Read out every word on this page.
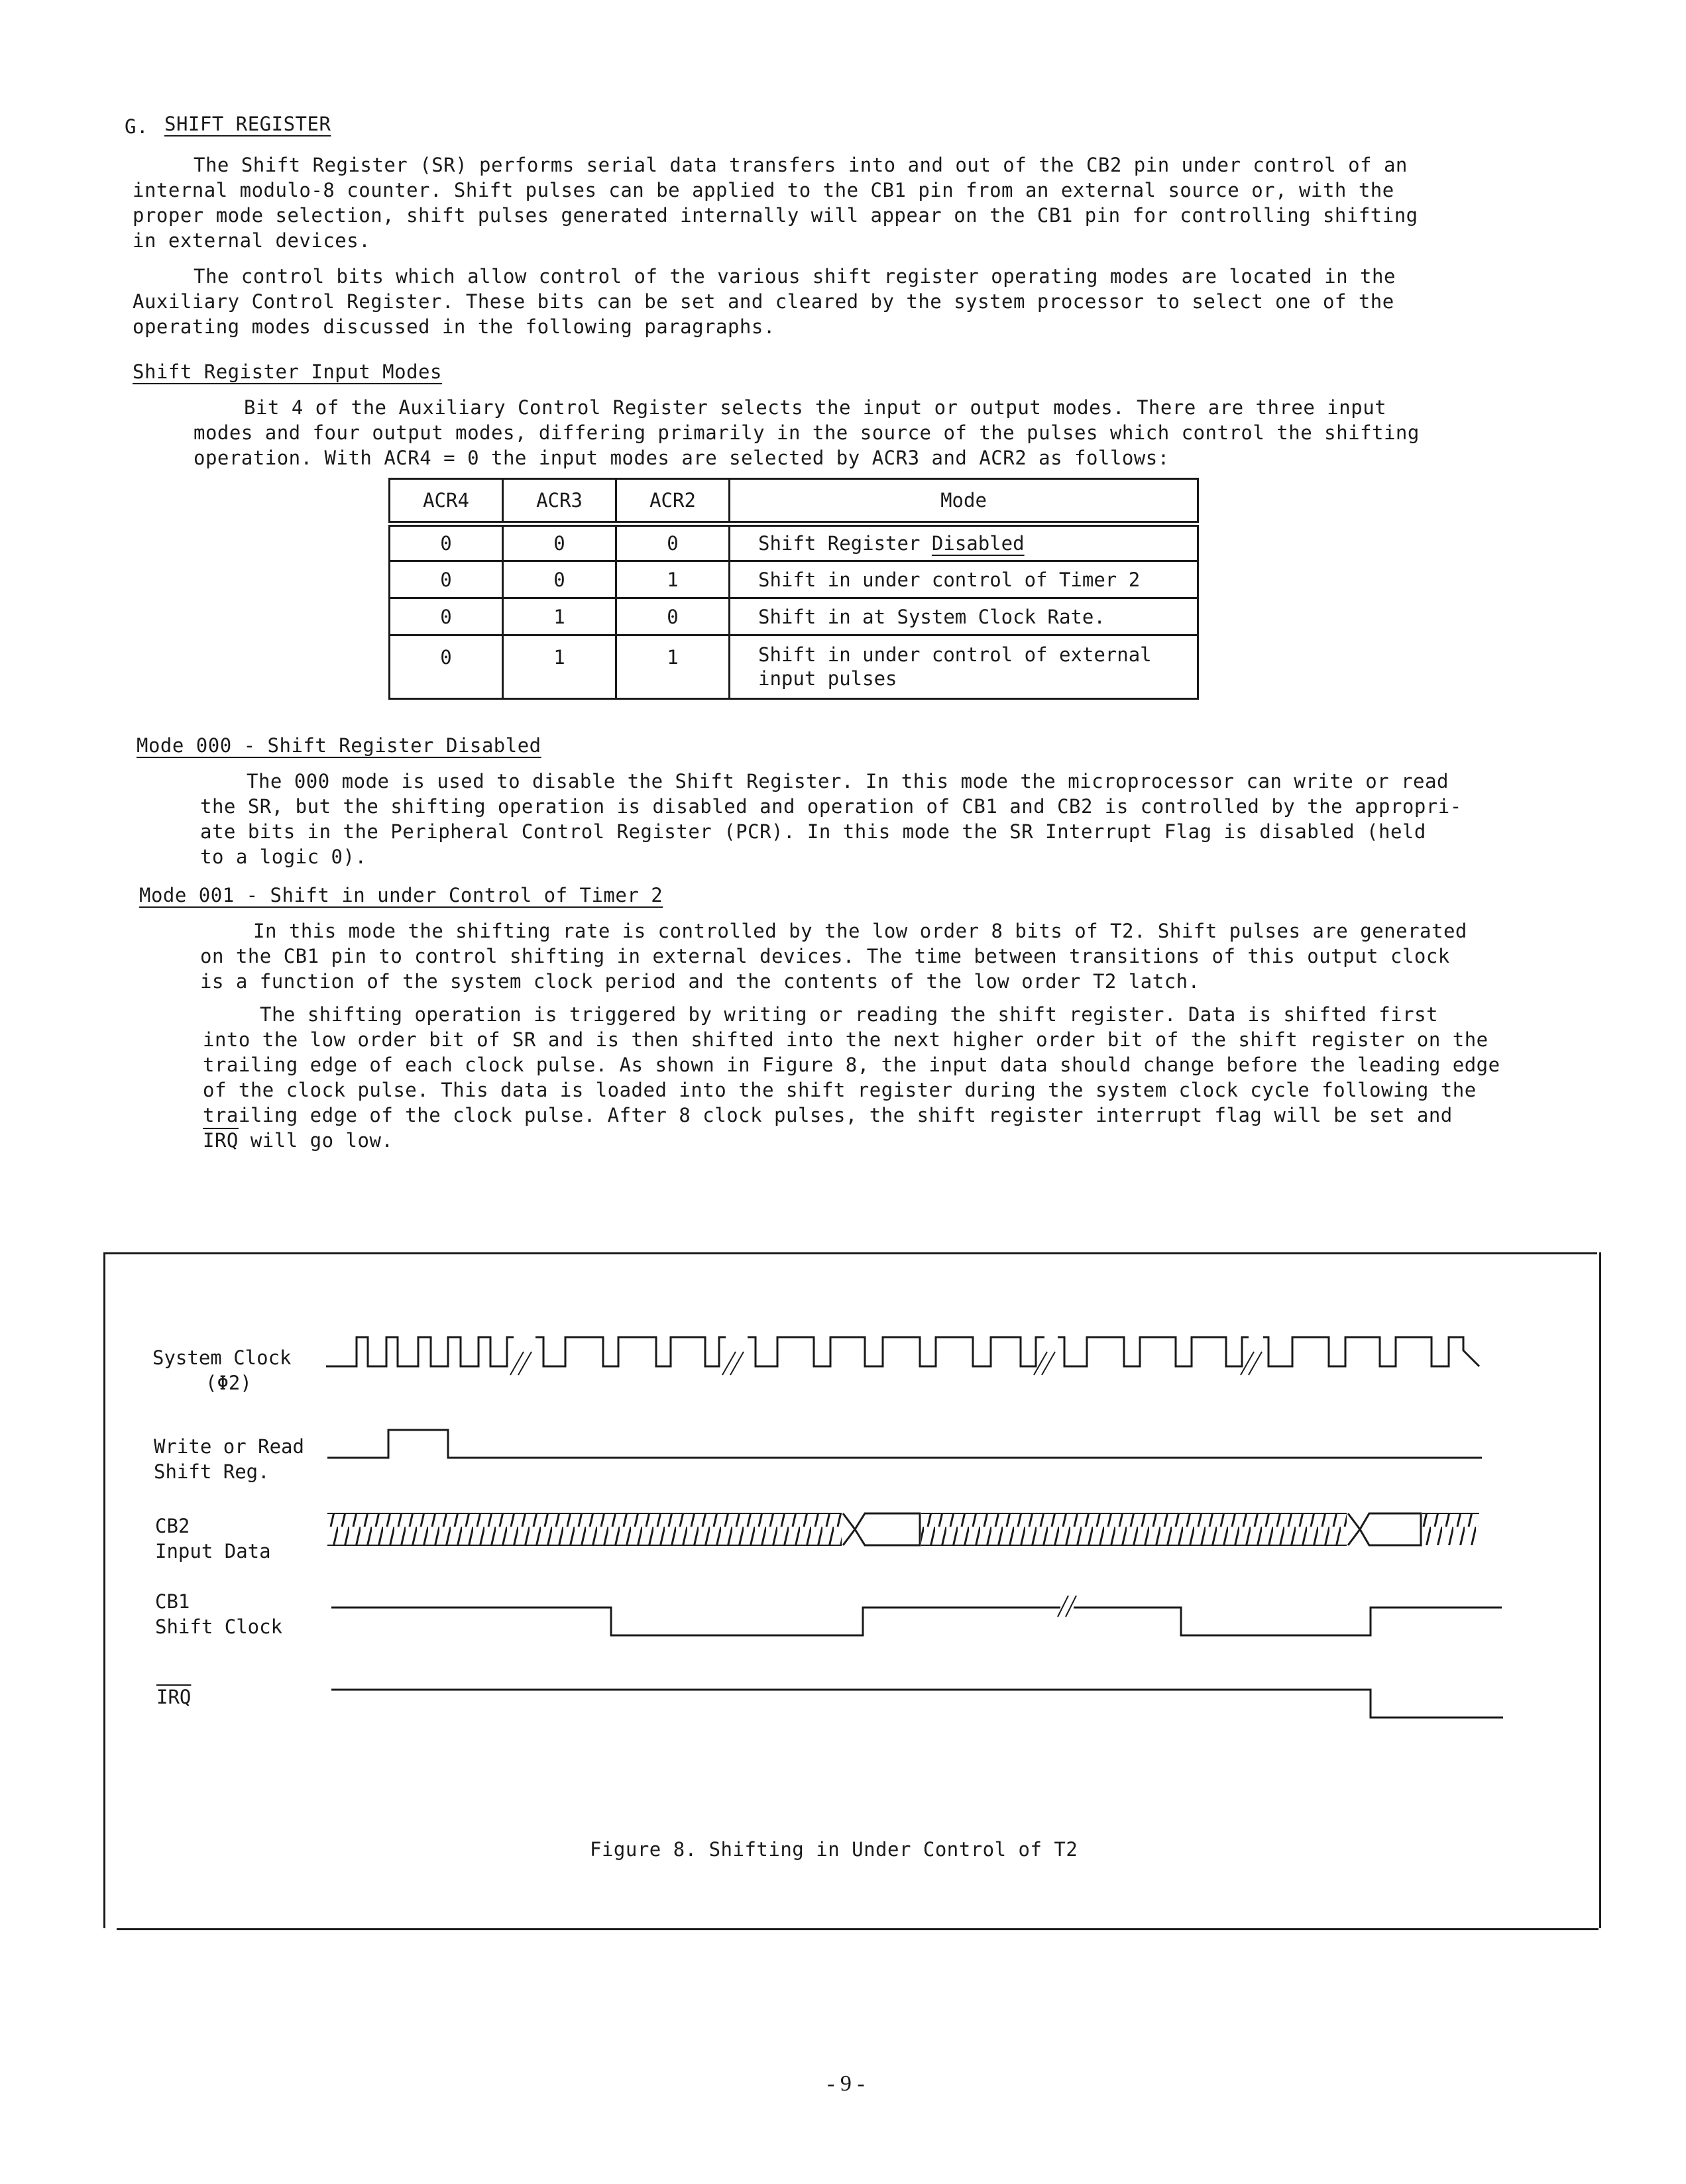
G. SHIFT REGISTER
The Shift Register (SR) performs serial data transfers into and out of the CB2 pin under control of an
internal modulo-8 counter. Shift pulses can be applied to the CB1 pin from an external source or, with the
proper mode selection, shift pulses generated internally will appear on the CB1 pin for controlling shifting
in external devices.
The control bits which allow control of the various shift register operating modes are located in the
Auxiliary Control Register. These bits can be set and cleared by the system processor to select one of the
operating modes discussed in the following paragraphs.
Shift Register Input Modes
Bit 4 of the Auxiliary Control Register selects the input or output modes. There are three input
modes and four output modes, differing primarily in the source of the pulses which control the shifting
operation. With ACR4 = 0 the input modes are selected by ACR3 and ACR2 as follows:
ACR4	ACR3	ACR2	Mode
0	0	0	Shift Register Disabled
0	0	1	Shift in under control of Timer 2
0	1	0	Shift in at System Clock Rate.
0	1	1	Shift in under control of external
input pulses
Mode 000 - Shift Register Disabled
The 000 mode is used to disable the Shift Register. In this mode the microprocessor can write or read
the SR, but the shifting operation is disabled and operation of CB1 and CB2 is controlled by the appropri-
ate bits in the Peripheral Control Register (PCR). In this mode the SR Interrupt Flag is disabled (held
to a logic 0).
Mode 001 - Shift in under Control of Timer 2
In this mode the shifting rate is controlled by the low order 8 bits of T2. Shift pulses are generated
on the CB1 pin to control shifting in external devices. The time between transitions of this output clock
is a function of the system clock period and the contents of the low order T2 latch.
The shifting operation is triggered by writing or reading the shift register. Data is shifted first
into the low order bit of SR and is then shifted into the next higher order bit of the shift register on the
trailing edge of each clock pulse. As shown in Figure 8, the input data should change before the leading edge
of the clock pulse. This data is loaded into the shift register during the system clock cycle following the
trailing edge of the clock pulse. After 8 clock pulses, the shift register interrupt flag will be set and
$\overline{IRQ}$ will go low.
System Clock
(Φ2)
Write or Read
Shift Reg.
CB2
Input Data
CB1
Shift Clock
$\overline{IRQ}$
Figure 8. Shifting in Under Control of T2
- 9 -
